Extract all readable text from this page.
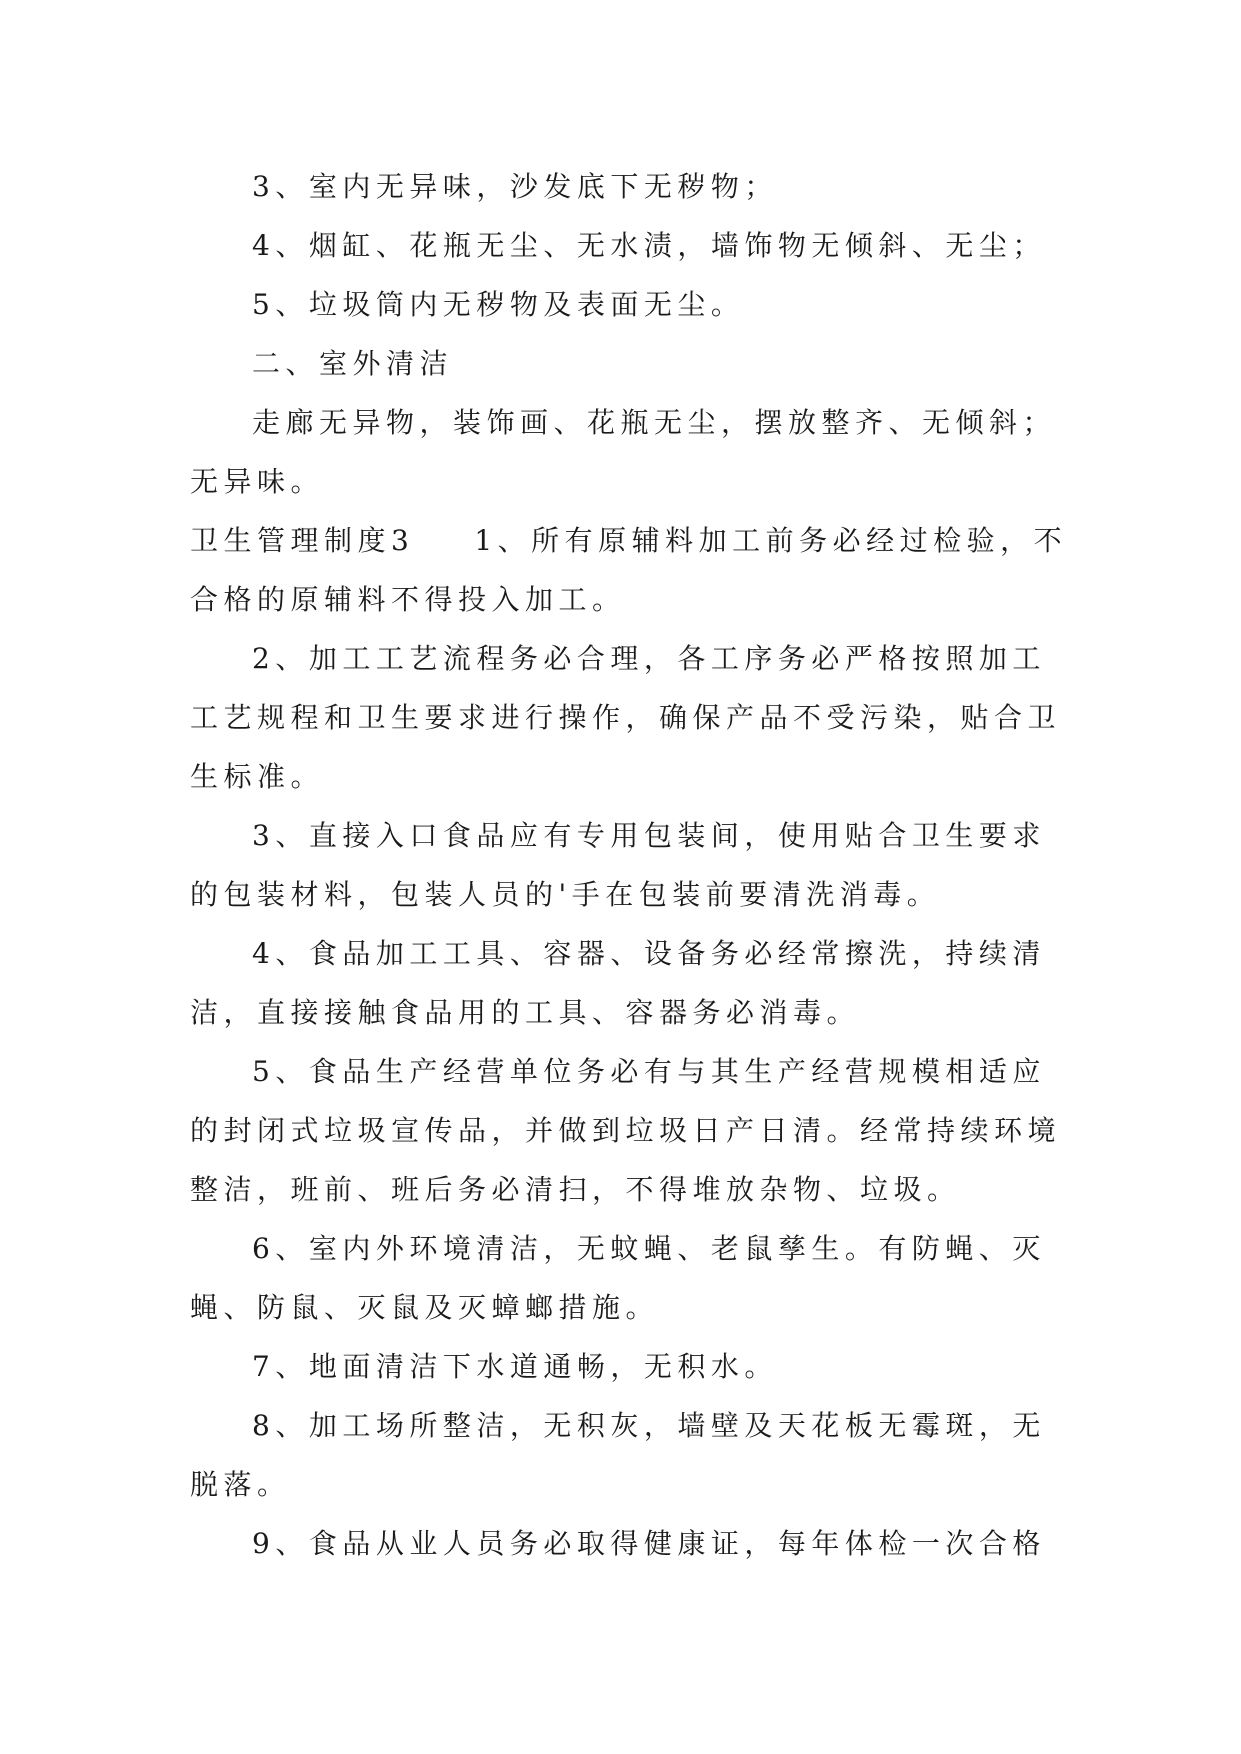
3、室内无异味，沙发底下无秽物；

4、烟缸、花瓶无尘、无水渍，墙饰物无倾斜、无尘；

5、垃圾筒内无秽物及表面无尘。

二、室外清洁

走廊无异物，装饰画、花瓶无尘，摆放整齐、无倾斜；

无异味。

卫生管理制度3 1、所有原辅料加工前务必经过检验，不

合格的原辅料不得投入加工。

2、加工工艺流程务必合理，各工序务必严格按照加工

工艺规程和卫生要求进行操作，确保产品不受污染，贴合卫

生标准。

3、直接入口食品应有专用包装间，使用贴合卫生要求

的包装材料，包装人员的'手在包装前要清洗消毒。

4、食品加工工具、容器、设备务必经常擦洗，持续清

洁，直接接触食品用的工具、容器务必消毒。

5、食品生产经营单位务必有与其生产经营规模相适应

的封闭式垃圾宣传品，并做到垃圾日产日清。经常持续环境

整洁，班前、班后务必清扫，不得堆放杂物、垃圾。

6、室内外环境清洁，无蚊蝇、老鼠孳生。有防蝇、灭

蝇、防鼠、灭鼠及灭蟑螂措施。

7、地面清洁下水道通畅，无积水。

8、加工场所整洁，无积灰，墙壁及天花板无霉斑，无

脱落。

9、食品从业人员务必取得健康证，每年体检一次合格
